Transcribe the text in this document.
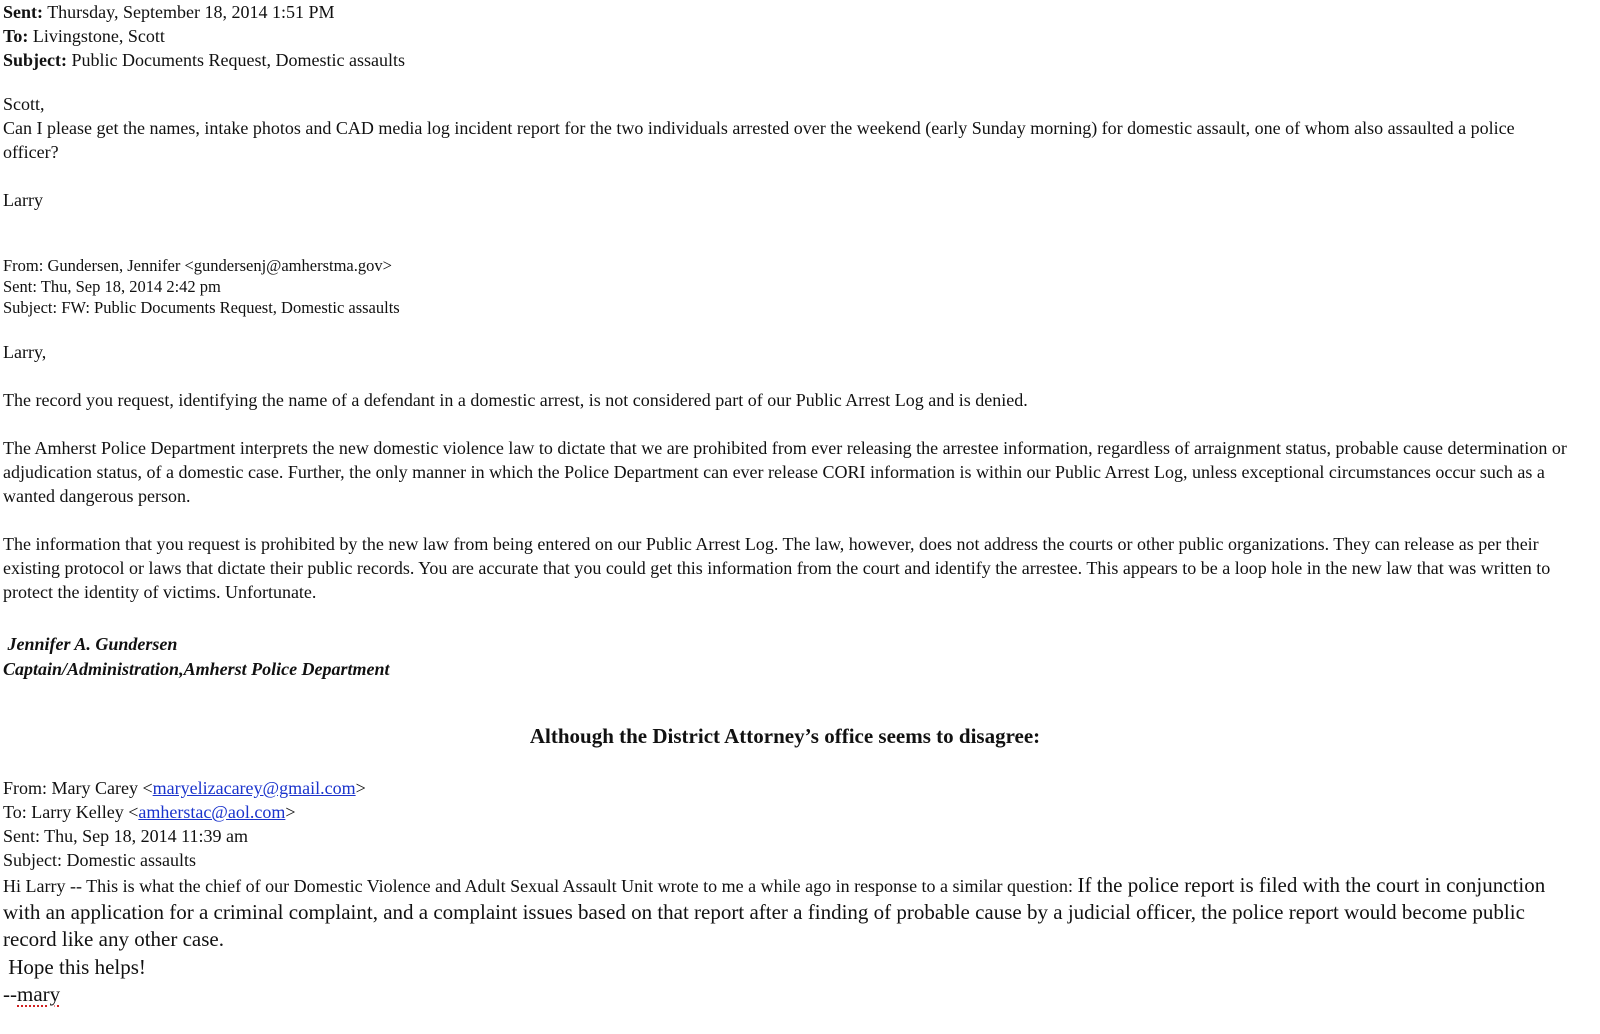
Sent: Thursday, September 18, 2014 1:51 PM
To: Livingstone, Scott
Subject: Public Documents Request, Domestic assaults
Scott,
Can I please get the names, intake photos and CAD media log incident report for the two individuals arrested over the weekend (early Sunday morning) for domestic assault, one of whom also assaulted a police officer?
Larry
From: Gundersen, Jennifer <gundersenj@amherstma.gov>
Sent: Thu, Sep 18, 2014 2:42 pm
Subject: FW: Public Documents Request, Domestic assaults
Larry,
The record you request, identifying the name of a defendant in a domestic arrest, is not considered part of our Public Arrest Log and is denied.
The Amherst Police Department interprets the new domestic violence law to dictate that we are prohibited from ever releasing the arrestee information, regardless of arraignment status, probable cause determination or adjudication status, of a domestic case. Further, the only manner in which the Police Department can ever release CORI information is within our Public Arrest Log, unless exceptional circumstances occur such as a wanted dangerous person.
The information that you request is prohibited by the new law from being entered on our Public Arrest Log. The law, however, does not address the courts or other public organizations. They can release as per their existing protocol or laws that dictate their public records. You are accurate that you could get this information from the court and identify the arrestee. This appears to be a loop hole in the new law that was written to protect the identity of victims. Unfortunate.
Jennifer A. Gundersen
Captain/Administration,Amherst Police Department
Although the District Attorney’s office seems to disagree:
From: Mary Carey <maryelizacarey@gmail.com>
To: Larry Kelley <amherstac@aol.com>
Sent: Thu, Sep 18, 2014 11:39 am
Subject: Domestic assaults
Hi Larry -- This is what the chief of our Domestic Violence and Adult Sexual Assault Unit wrote to me a while ago in response to a similar question: If the police report is filed with the court in conjunction with an application for a criminal complaint, and a complaint issues based on that report after a finding of probable cause by a judicial officer, the police report would become public record like any other case.
Hope this helps!
--mary
